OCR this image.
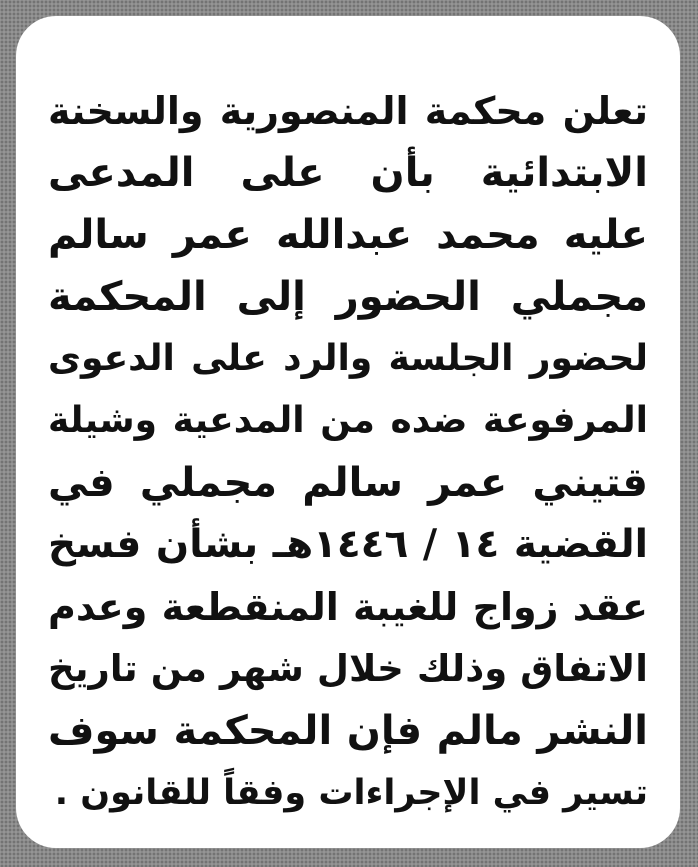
تعلن محكمة المنصورية والسخنة
الابتدائية بأن على المدعى
عليه محمد عبدالله عمر سالم
مجملي الحضور إلى المحكمة
لحضور الجلسة والرد على الدعوى
المرفوعة ضده من المدعية وشيلة
قتيني عمر سالم مجملي في
القضية ١٤ / ١٤٤٦هـ بشأن فسخ
عقد زواج للغيبة المنقطعة وعدم
الاتفاق وذلك خلال شهر من تاريخ
النشر مالم فإن المحكمة سوف
تسير في الإجراءات وفقاً للقانون .
